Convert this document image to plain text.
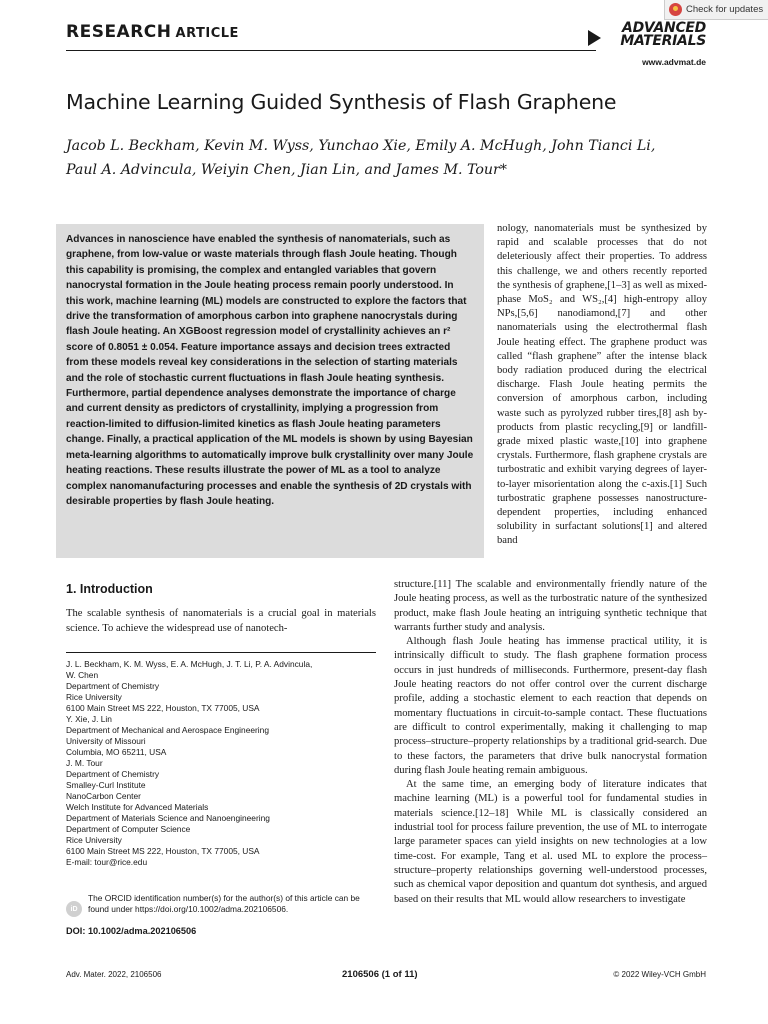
Check for updates
RESEARCH ARTICLE	ADVANCED
MATERIALS
www.advmat.de
Machine Learning Guided Synthesis of Flash Graphene
Jacob L. Beckham, Kevin M. Wyss, Yunchao Xie, Emily A. McHugh, John Tianci Li,
Paul A. Advincula, Weiyin Chen, Jian Lin, and James M. Tour*
Advances in nanoscience have enabled the synthesis of nanomaterials, such as graphene, from low-value or waste materials through flash Joule heating. Though this capability is promising, the complex and entangled variables that govern nanocrystal formation in the Joule heating process remain poorly understood. In this work, machine learning (ML) models are constructed to explore the factors that drive the transformation of amorphous carbon into graphene nanocrystals during flash Joule heating. An XGBoost regression model of crystallinity achieves an r² score of 0.8051 ± 0.054. Feature importance assays and decision trees extracted from these models reveal key considerations in the selection of starting materials and the role of stochastic current fluctuations in flash Joule heating synthesis. Furthermore, partial dependence analyses demonstrate the importance of charge and current density as predictors of crystallinity, implying a progression from reaction-limited to diffusion-limited kinetics as flash Joule heating parameters change. Finally, a practical application of the ML models is shown by using Bayesian meta-learning algorithms to automatically improve bulk crystallinity over many Joule heating reactions. These results illustrate the power of ML as a tool to analyze complex nanomanufacturing processes and enable the synthesis of 2D crystals with desirable properties by flash Joule heating.
1. Introduction
The scalable synthesis of nanomaterials is a crucial goal in materials science. To achieve the widespread use of nanotech-
J. L. Beckham, K. M. Wyss, E. A. McHugh, J. T. Li, P. A. Advincula,
W. Chen
Department of Chemistry
Rice University
6100 Main Street MS 222, Houston, TX 77005, USA
Y. Xie, J. Lin
Department of Mechanical and Aerospace Engineering
University of Missouri
Columbia, MO 65211, USA
J. M. Tour
Department of Chemistry
Smalley-Curl Institute
NanoCarbon Center
Welch Institute for Advanced Materials
Department of Materials Science and Nanoengineering
Department of Computer Science
Rice University
6100 Main Street MS 222, Houston, TX 77005, USA
E-mail: tour@rice.edu
iD
The ORCID identification number(s) for the author(s) of this article can be found under https://doi.org/10.1002/adma.202106506.
DOI: 10.1002/adma.202106506
nology, nanomaterials must be synthesized by rapid and scalable processes that do not deleteriously affect their properties. To address this challenge, we and others recently reported the synthesis of graphene,[1–3] as well as mixed-phase MoS₂ and WS₂,[4] high-entropy alloy NPs,[5,6] nanodiamond,[7] and other nanomaterials using the electrothermal flash Joule heating effect. The graphene product was called “flash graphene” after the intense black body radiation produced during the electrical discharge. Flash Joule heating permits the conversion of amorphous carbon, including waste such as pyrolyzed rubber tires,[8] ash by-products from plastic recycling,[9] or landfill-grade mixed plastic waste,[10] into graphene crystals. Furthermore, flash graphene crystals are turbostratic and exhibit varying degrees of layer-to-layer misorientation along the c-axis.[1] Such turbostratic graphene possesses nanostructure-dependent properties, including enhanced solubility in surfactant solutions[1] and altered band

structure.[11] The scalable and environmentally friendly nature of the Joule heating process, as well as the turbostratic nature of the synthesized product, make flash Joule heating an intriguing synthetic technique that warrants further study and analysis.

Although flash Joule heating has immense practical utility, it is intrinsically difficult to study. The flash graphene formation process occurs in just hundreds of milliseconds. Furthermore, present-day flash Joule heating reactors do not offer control over the current discharge profile, adding a stochastic element to each reaction that depends on momentary fluctuations in circuit-to-sample contact. These fluctuations are difficult to control experimentally, making it challenging to map process–structure–property relationships by a traditional grid-search. Due to these factors, the parameters that drive bulk nanocrystal formation during flash Joule heating remain ambiguous.

At the same time, an emerging body of literature indicates that machine learning (ML) is a powerful tool for fundamental studies in materials science.[12–18] While ML is classically considered an industrial tool for process failure prevention, the use of ML to interrogate large parameter spaces can yield insights on new technologies at a low time-cost. For example, Tang et al. used ML to explore the process–structure–property relationships governing well-understood processes, such as chemical vapor deposition and quantum dot synthesis, and argued based on their results that ML would allow researchers to investigate

Adv. Mater. 2022, 2106506	2106506 (1 of 11)	© 2022 Wiley-VCH GmbH
